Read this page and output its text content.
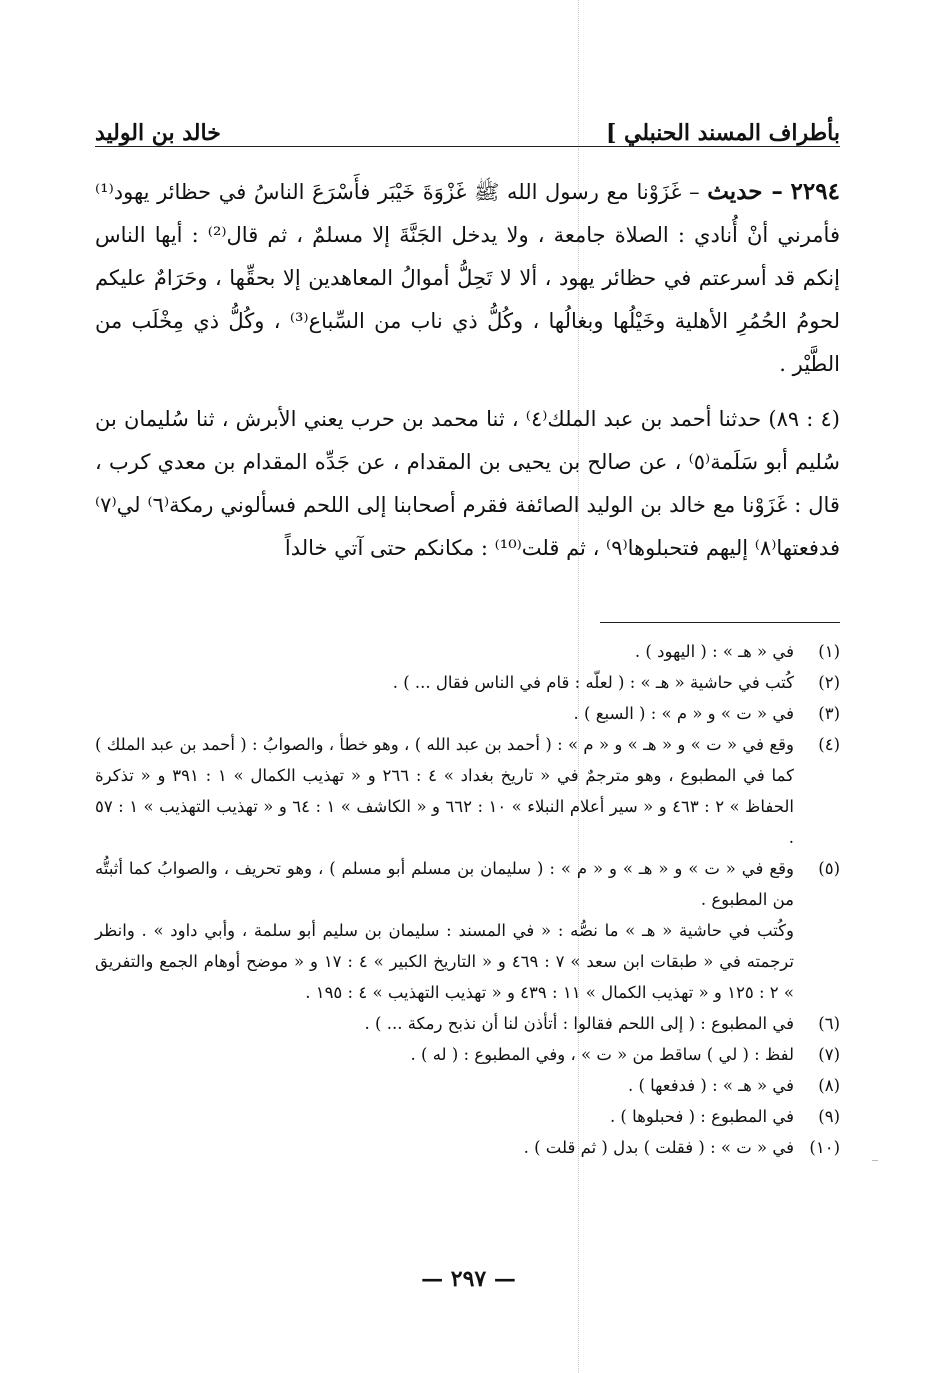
بأطراف المسند الحنبلي ]
خالد بن الوليد

٢٢٩٤ – حديث – غَزَوْنا مع رسول الله ﷺ غَزْوَةَ خَيْبَر فأَسْرَعَ الناسُ في حظائر يهود⁽¹⁾ فأمرني أنْ أُنادي : الصلاة جامعة ، ولا يدخل الجَنَّةَ إلا مسلمٌ ، ثم قال⁽²⁾ : أيها الناس إنكم قد أسرعتم في حظائر يهود ، ألا لا تَحِلُّ أموالُ المعاهدين إلا بحقِّها ، وحَرَامٌ عليكم لحومُ الحُمُرِ الأهلية وخَيْلُها وبغالُها ، وكُلُّ ذي ناب من السِّباع⁽³⁾ ، وكُلُّ ذي مِخْلَب من الطَّيْر .

(٤ : ٨٩) حدثنا أحمد بن عبد الملك⁽٤⁾ ، ثنا محمد بن حرب يعني الأبرش ، ثنا سُليمان بن سُليم أبو سَلَمة⁽٥⁾ ، عن صالح بن يحيى بن المقدام ، عن جَدِّه المقدام بن معدي كرب ، قال : غَزَوْنا مع خالد بن الوليد الصائفة فقرم أصحابنا إلى اللحم فسألوني رمكة⁽٦⁾ لي⁽٧⁾ فدفعتها⁽٨⁾ إليهم فتحبلوها⁽٩⁾ ، ثم قلت⁽¹⁰⁾ : مكانكم حتى آتي خالداً

(١)
في « هـ » : ( اليهود ) .
(٢)
كُتب في حاشية « هـ » : ( لعلّه : قام في الناس فقال ... ) .
(٣)
في « ت » و « م » : ( السبع ) .
(٤)
وقع في « ت » و « هـ » و « م » : ( أحمد بن عبد الله ) ، وهو خطأ ، والصوابُ : ( أحمد بن عبد الملك ) كما في المطبوع ، وهو مترجمٌ في « تاريخ بغداد » ٤ : ٢٦٦ و « تهذيب الكمال » ١ : ٣٩١ و « تذكرة الحفاظ » ٢ : ٤٦٣ و « سير أعلام النبلاء » ١٠ : ٦٦٢ و « الكاشف » ١ : ٦٤ و « تهذيب التهذيب » ١ : ٥٧ .
(٥)
وقع في « ت » و « هـ » و « م » : ( سليمان بن مسلم أبو مسلم ) ، وهو تحريف ، والصوابُ كما أثبتُّه من المطبوع .
وكُتب في حاشية « هـ » ما نصُّه : « في المسند : سليمان بن سليم أبو سلمة ، وأبي داود » . وانظر ترجمته في « طبقات ابن سعد » ٧ : ٤٦٩ و « التاريخ الكبير » ٤ : ١٧ و « موضح أوهام الجمع والتفريق » ٢ : ١٢٥ و « تهذيب الكمال » ١١ : ٤٣٩ و « تهذيب التهذيب » ٤ : ١٩٥ .
(٦)
في المطبوع : ( إلى اللحم فقالوا : أتأذن لنا أن نذبح رمكة ... ) .
(٧)
لفظ : ( لي ) ساقط من « ت » ، وفي المطبوع : ( له ) .
(٨)
في « هـ » : ( فدفعها ) .
(٩)
في المطبوع : ( فحبلوها ) .
(١٠)
في « ت » : ( فقلت ) بدل ( ثم قلت ) .
— ٢٩٧ —
